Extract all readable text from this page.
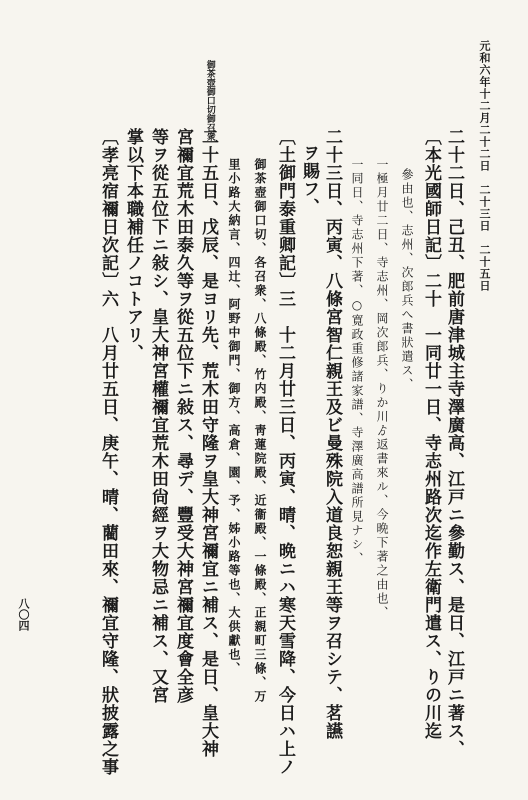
元和六年十二月二十二日　二十三日　二十五日
八〇四
御茶壺御口切御召衆
二十二日、己丑、肥前唐津城主寺澤廣高、江戸ニ參勤ス、是日、江戸ニ著ス、
〔本光國師日記〕二十　一同廿一日、寺志州路次迄作左衛門遣ス、りの川迄
參由也、志州、次郎兵へ書狀遣ス、
一極月廿二日、寺志州、岡次郎兵、りか川ゟ返書來ル、今晩下著之由也、
一同日、寺志州下著、○寛政重修諸家譜、寺澤廣高譜所見ナシ、
二十三日、丙寅、八條宮智仁親王及ビ曼殊院入道良恕親王等ヲ召シテ、茗讌
ヲ賜フ、
〔土御門泰重卿記〕三　十二月廿三日、丙寅、晴、晩ニハ寒天雪降、今日ハ上ノ
御茶壺御口切、各召衆、八條殿、竹内殿、靑蓮院殿、近衞殿、一條殿、正親町三條、万
里小路大納言、四辻、阿野中御門、御方、高倉、園、予、姊小路等也、大供獻也、
二十五日、戊辰、是ヨリ先、荒木田守隆ヲ皇大神宮禰宜ニ補ス、是日、皇大神
宮禰宜荒木田泰久等ヲ從五位下ニ敍ス、尋デ、豐受大神宮禰宜度會全彦
等ヲ從五位下ニ敍シ、皇大神宮權禰宜荒木田尙經ヲ大物忌ニ補ス、又宮
掌以下本職補任ノコトアリ、
〔孝亮宿禰日次記〕六　八月廿五日、庚午、晴、藺田來、禰宜守隆、狀披露之事
